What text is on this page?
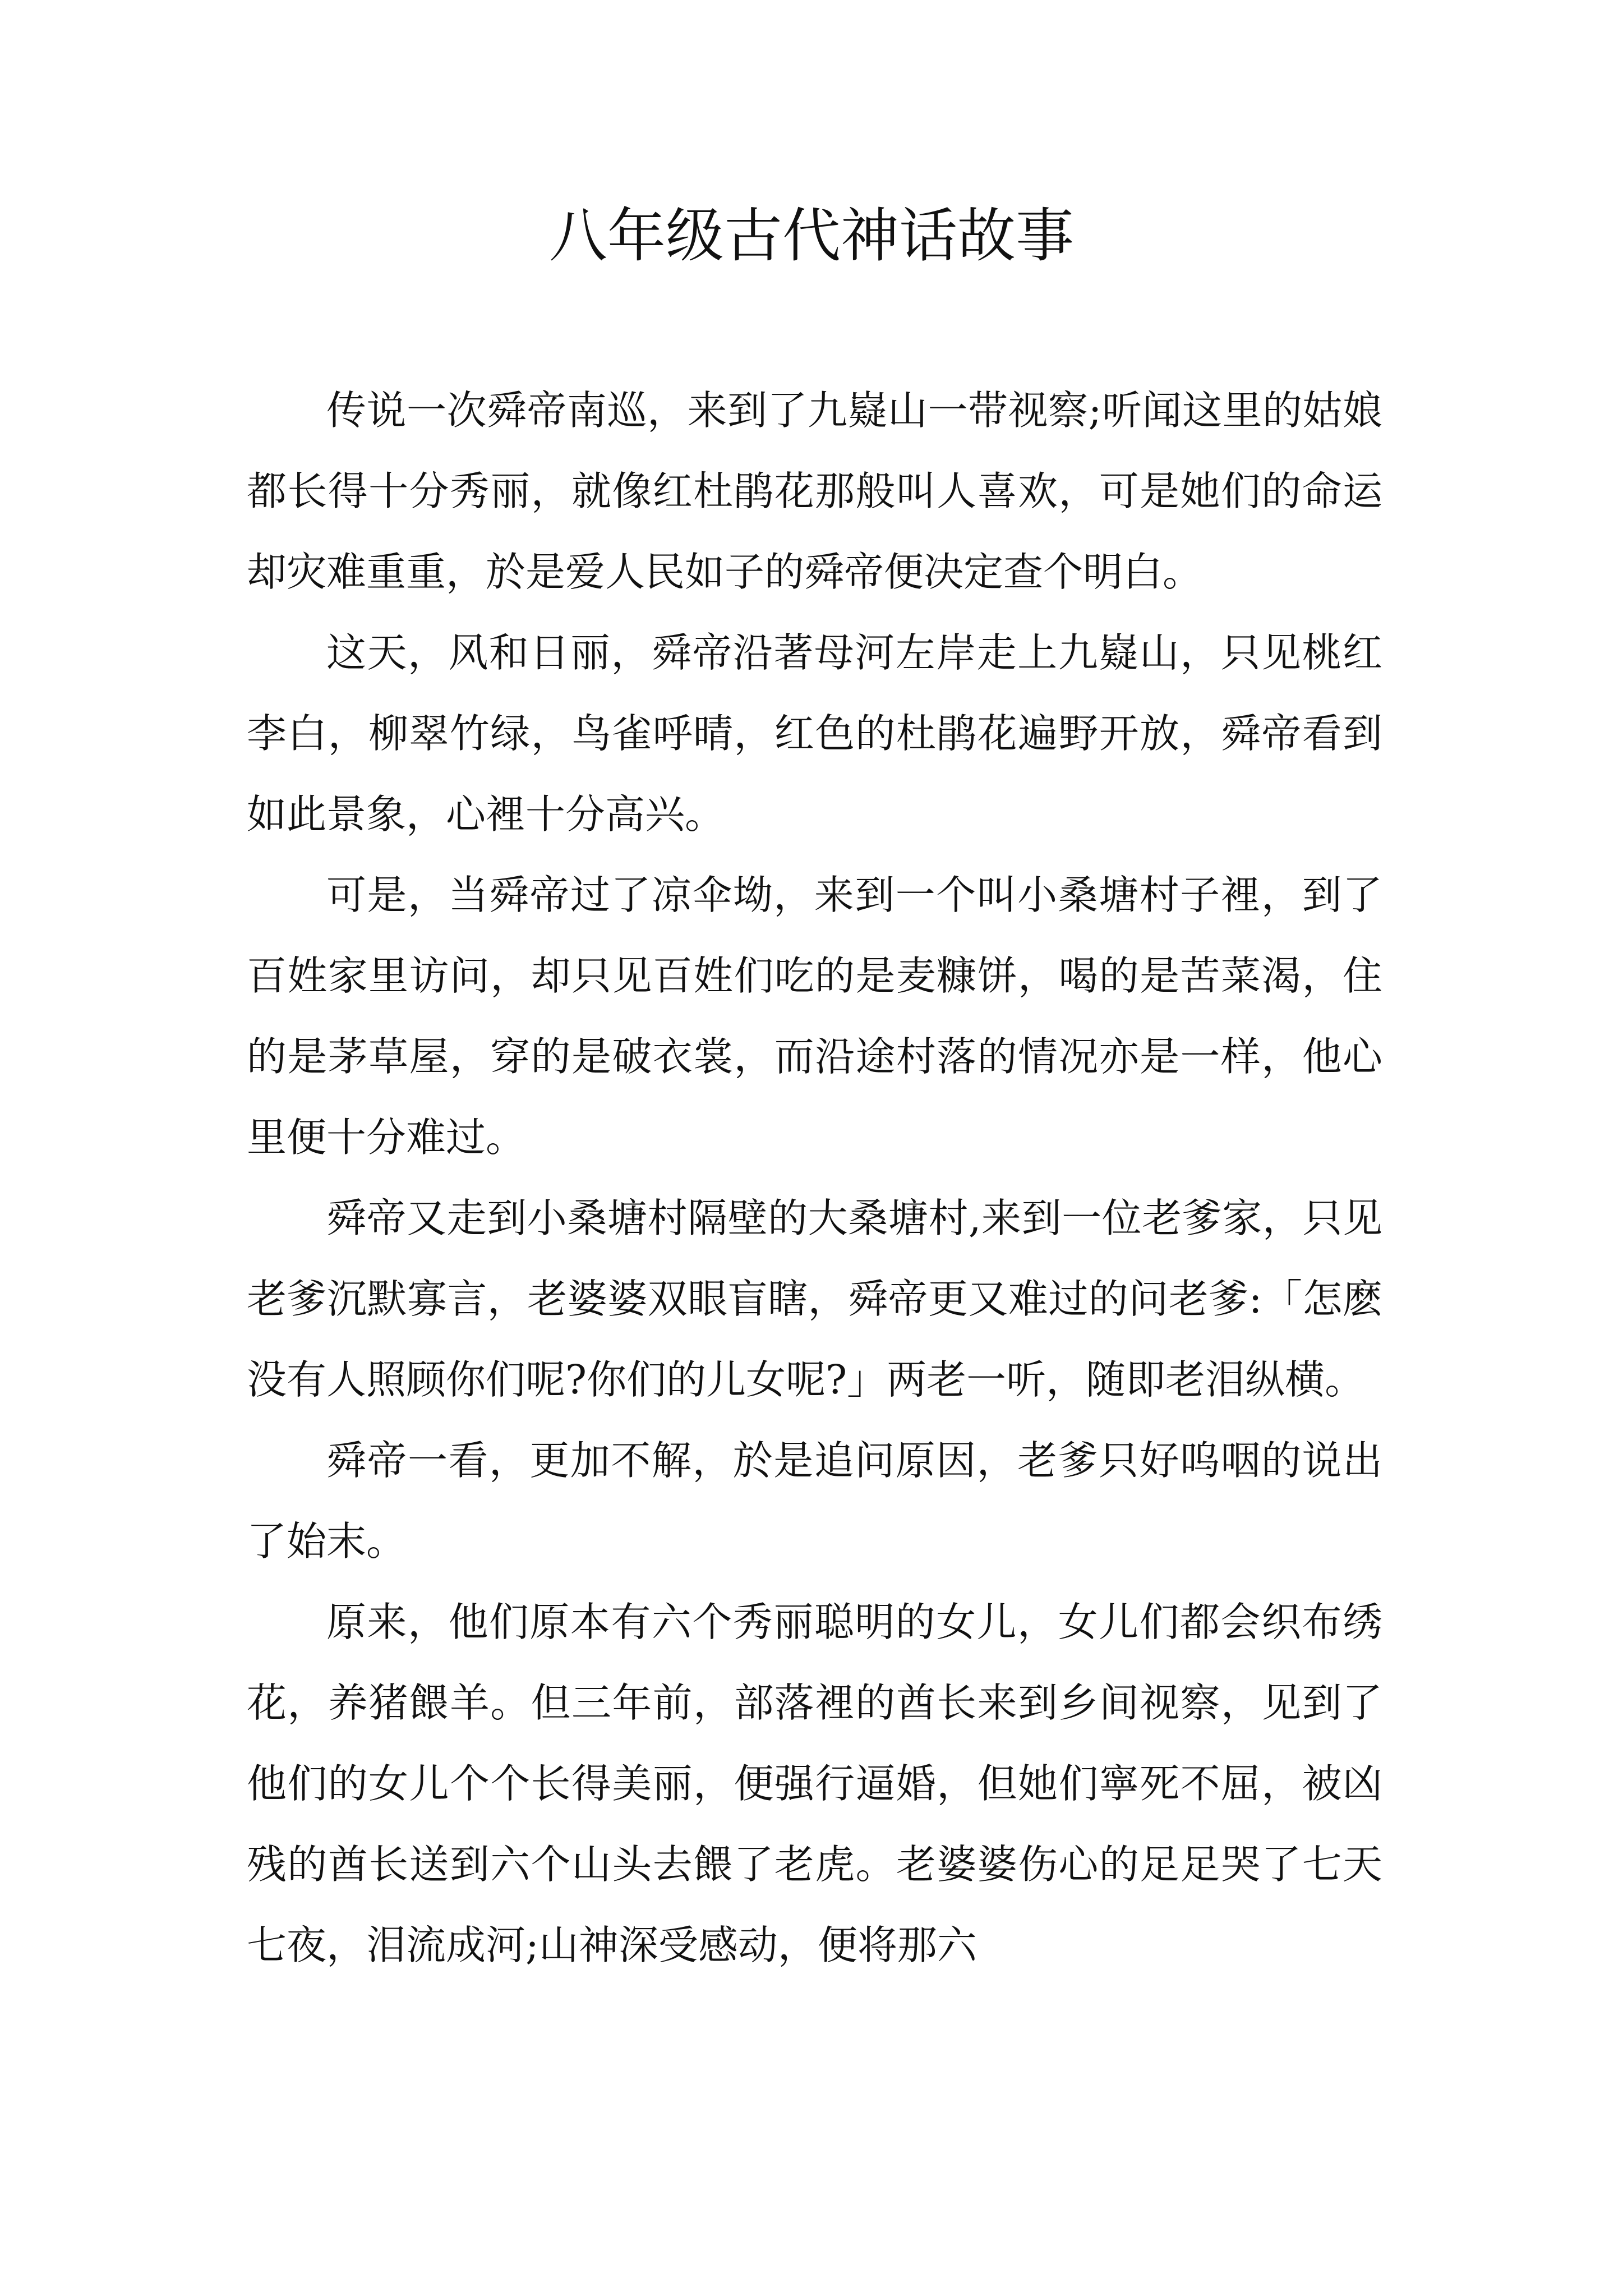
八年级古代神话故事

传说一次舜帝南巡，来到了九嶷山一带视察;听闻这里的姑娘都长得十分秀丽，就像红杜鹃花那般叫人喜欢，可是她们的命运却灾难重重，於是爱人民如子的舜帝便决定查个明白。

这天，风和日丽，舜帝沿著母河左岸走上九嶷山，只见桃红李白，柳翠竹绿，鸟雀呼晴，红色的杜鹃花遍野开放，舜帝看到如此景象，心裡十分高兴。

可是，当舜帝过了凉伞坳，来到一个叫小桑塘村子裡，到了百姓家里访问，却只见百姓们吃的是麦糠饼，喝的是苦菜渴，住的是茅草屋，穿的是破衣裳，而沿途村落的情况亦是一样，他心里便十分难过。

舜帝又走到小桑塘村隔壁的大桑塘村,来到一位老爹家，只见老爹沉默寡言，老婆婆双眼盲瞎，舜帝更又难过的问老爹:「怎麽没有人照顾你们呢?你们的儿女呢?」两老一听，随即老泪纵横。

舜帝一看，更加不解，於是追问原因，老爹只好呜咽的说出了始末。

原来，他们原本有六个秀丽聪明的女儿，女儿们都会织布绣花，养猪餵羊。但三年前，部落裡的酋长来到乡间视察，见到了他们的女儿个个长得美丽，便强行逼婚，但她们寧死不屈，被凶残的酋长送到六个山头去餵了老虎。老婆婆伤心的足足哭了七天七夜，泪流成河;山神深受感动，便将那六
